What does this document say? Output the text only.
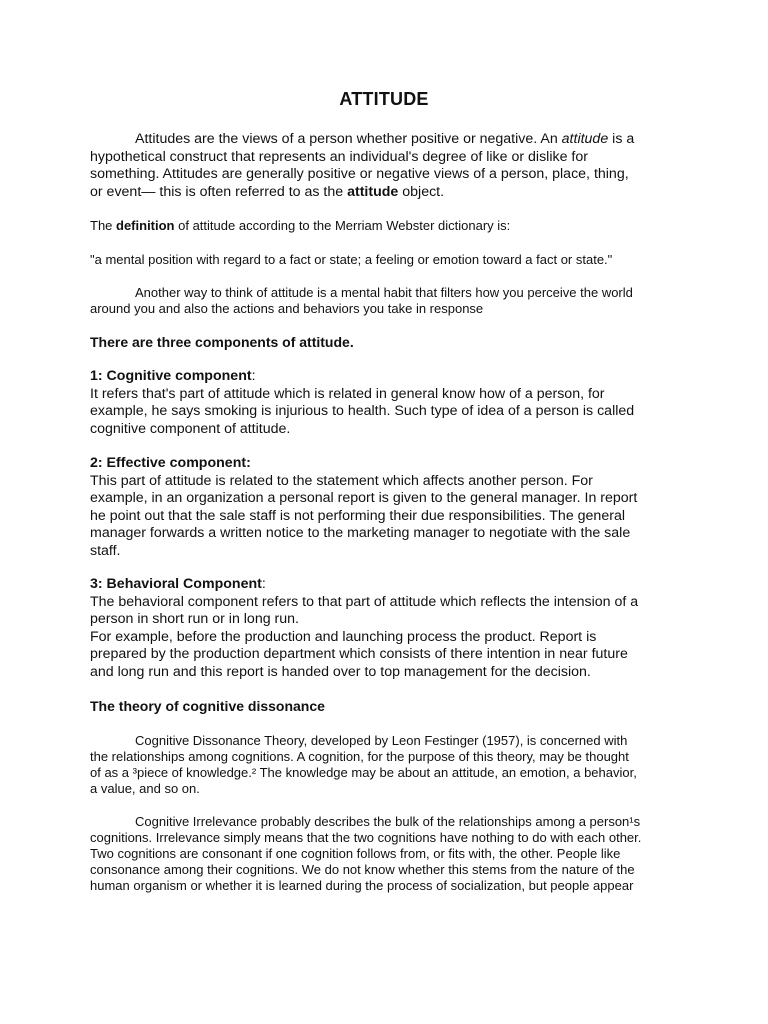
ATTITUDE
Attitudes are the views of a person whether positive or negative. An attitude is a
hypothetical construct that represents an individual's degree of like or dislike for
something. Attitudes are generally positive or negative views of a person, place, thing,
or event— this is often referred to as the attitude object.
The definition of attitude according to the Merriam Webster dictionary is:
"a mental position with regard to a fact or state; a feeling or emotion toward a fact or state."
Another way to think of attitude is a mental habit that filters how you perceive the world
around you and also the actions and behaviors you take in response
There are three components of attitude.
1: Cognitive component:
It refers that's part of attitude which is related in general know how of a person, for
example, he says smoking is injurious to health. Such type of idea of a person is called
cognitive component of attitude.
2: Effective component:
This part of attitude is related to the statement which affects another person. For
example, in an organization a personal report is given to the general manager. In report
he point out that the sale staff is not performing their due responsibilities. The general
manager forwards a written notice to the marketing manager to negotiate with the sale
staff.
3: Behavioral Component:
The behavioral component refers to that part of attitude which reflects the intension of a
person in short run or in long run.
For example, before the production and launching process the product. Report is
prepared by the production department which consists of there intention in near future
and long run and this report is handed over to top management for the decision.
The theory of cognitive dissonance
Cognitive Dissonance Theory, developed by Leon Festinger (1957), is concerned with
the relationships among cognitions. A cognition, for the purpose of this theory, may be thought
of as a ³piece of knowledge.² The knowledge may be about an attitude, an emotion, a behavior,
a value, and so on.
Cognitive Irrelevance probably describes the bulk of the relationships among a person¹s
cognitions. Irrelevance simply means that the two cognitions have nothing to do with each other.
Two cognitions are consonant if one cognition follows from, or fits with, the other. People like
consonance among their cognitions. We do not know whether this stems from the nature of the
human organism or whether it is learned during the process of socialization, but people appear
